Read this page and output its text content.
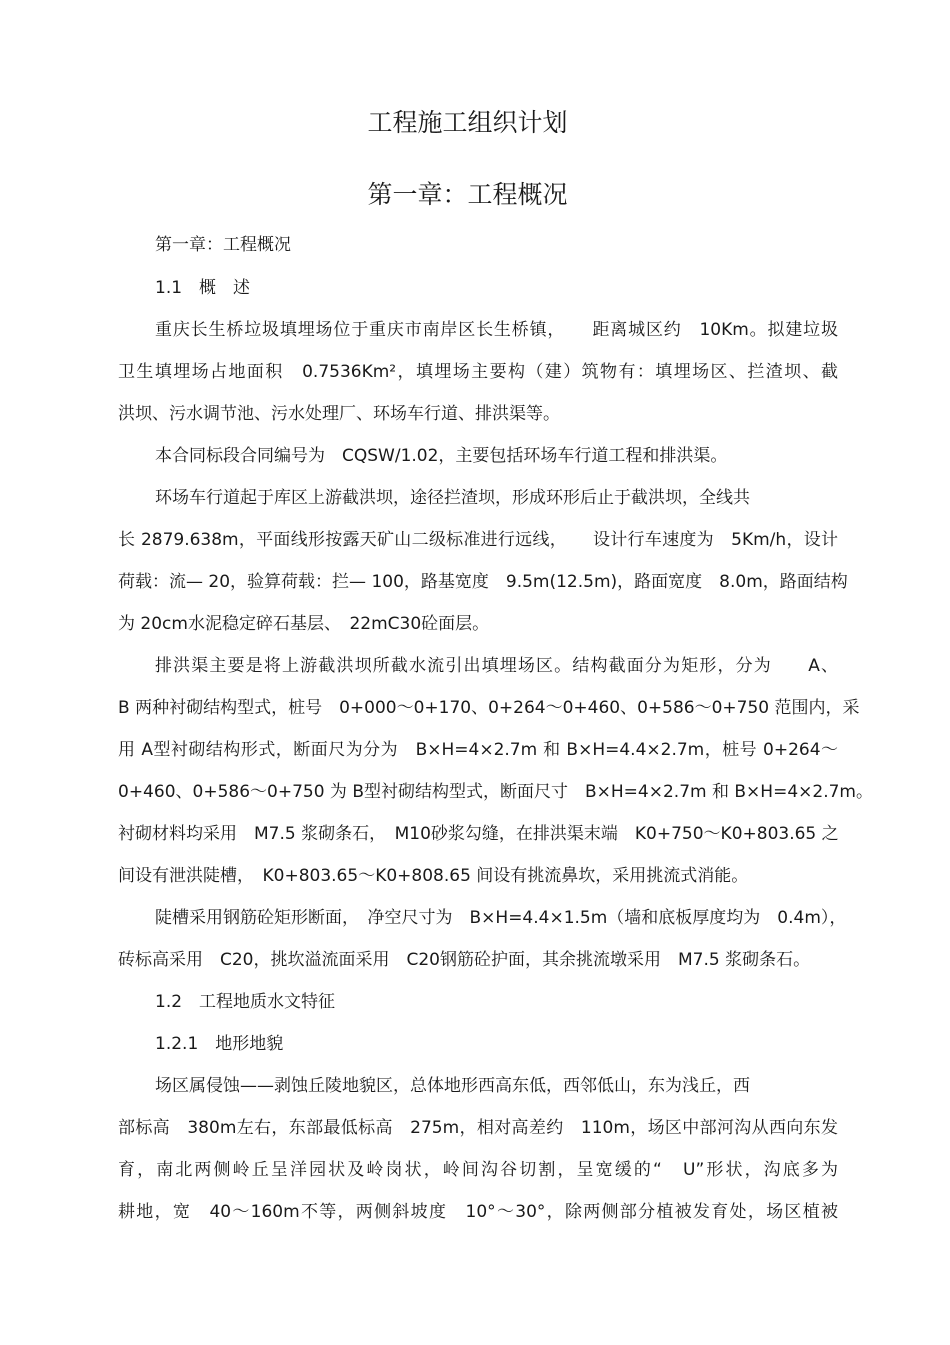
工程施工组织计划
第一章：工程概况

第一章：工程概况

1.1　概　述

重庆长生桥垃圾填埋场位于重庆市南岸区长生桥镇，　　距离城区约　10Km。拟建垃圾

卫生填埋场占地面积　0.7536Km²，填埋场主要构（建）筑物有：填埋场区、拦渣坝、截

洪坝、污水调节池、污水处理厂、环场车行道、排洪渠等。

本合同标段合同编号为　CQSW/1.02，主要包括环场车行道工程和排洪渠。

环场车行道起于库区上游截洪坝，途径拦渣坝，形成环形后止于截洪坝，全线共

长 2879.638m，平面线形按露天矿山二级标准进行远线，　　设计行车速度为　5Km/h，设计

荷载：流— 20，验算荷载：拦— 100，路基宽度　9.5m(12.5m)，路面宽度　8.0m，路面结构

为 20cm水泥稳定碎石基层、　22mC30砼面层。

排洪渠主要是将上游截洪坝所截水流引出填埋场区。结构截面分为矩形，分为　　A、

B 两种衬砌结构型式，桩号　0+000～0+170、0+264～0+460、0+586～0+750 范围内，采

用 A型衬砌结构形式，断面尺为分为　B×H=4×2.7m 和 B×H=4.4×2.7m，桩号 0+264～

0+460、0+586～0+750 为 B型衬砌结构型式，断面尺寸　B×H=4×2.7m 和 B×H=4×2.7m。

衬砌材料均采用　M7.5 浆砌条石，　M10砂浆勾缝，在排洪渠末端　K0+750～K0+803.65 之

间设有泄洪陡槽，　K0+803.65～K0+808.65 间设有挑流鼻坎，采用挑流式消能。

陡槽采用钢筋砼矩形断面，　净空尺寸为　B×H=4.4×1.5m（墙和底板厚度均为　0.4m），

砖标高采用　C20，挑坎溢流面采用　C20钢筋砼护面，其余挑流墩采用　M7.5 浆砌条石。

1.2　工程地质水文特征

1.2.1　地形地貌

场区属侵蚀——剥蚀丘陵地貌区，总体地形西高东低，西邻低山，东为浅丘，西

部标高　380m左右，东部最低标高　275m，相对高差约　110m，场区中部河沟从西向东发

育，南北两侧岭丘呈洋园状及岭岗状，岭间沟谷切割，呈宽缓的“　U”形状，沟底多为

耕地，宽　40～160m不等，两侧斜坡度　10°～30°，除两侧部分植被发育处，场区植被
